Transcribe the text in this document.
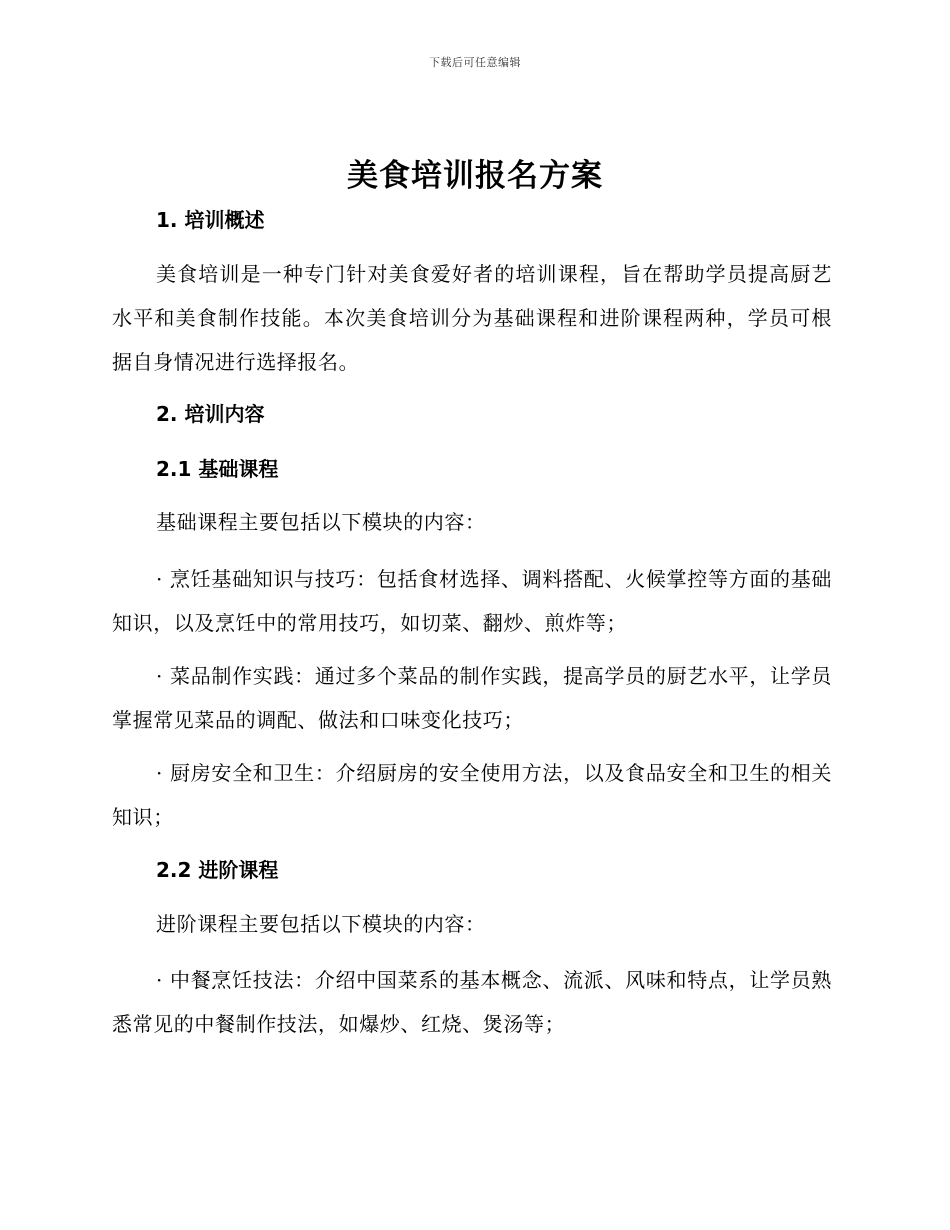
下载后可任意编辑
美食培训报名方案
1. 培训概述
美食培训是一种专门针对美食爱好者的培训课程，旨在帮助学员提高厨艺水平和美食制作技能。本次美食培训分为基础课程和进阶课程两种，学员可根据自身情况进行选择报名。
2. 培训内容
2.1 基础课程
基础课程主要包括以下模块的内容：
· 烹饪基础知识与技巧：包括食材选择、调料搭配、火候掌控等方面的基础知识，以及烹饪中的常用技巧，如切菜、翻炒、煎炸等；
· 菜品制作实践：通过多个菜品的制作实践，提高学员的厨艺水平，让学员掌握常见菜品的调配、做法和口味变化技巧；
· 厨房安全和卫生：介绍厨房的安全使用方法，以及食品安全和卫生的相关知识；
2.2 进阶课程
进阶课程主要包括以下模块的内容：
· 中餐烹饪技法：介绍中国菜系的基本概念、流派、风味和特点，让学员熟悉常见的中餐制作技法，如爆炒、红烧、煲汤等；
